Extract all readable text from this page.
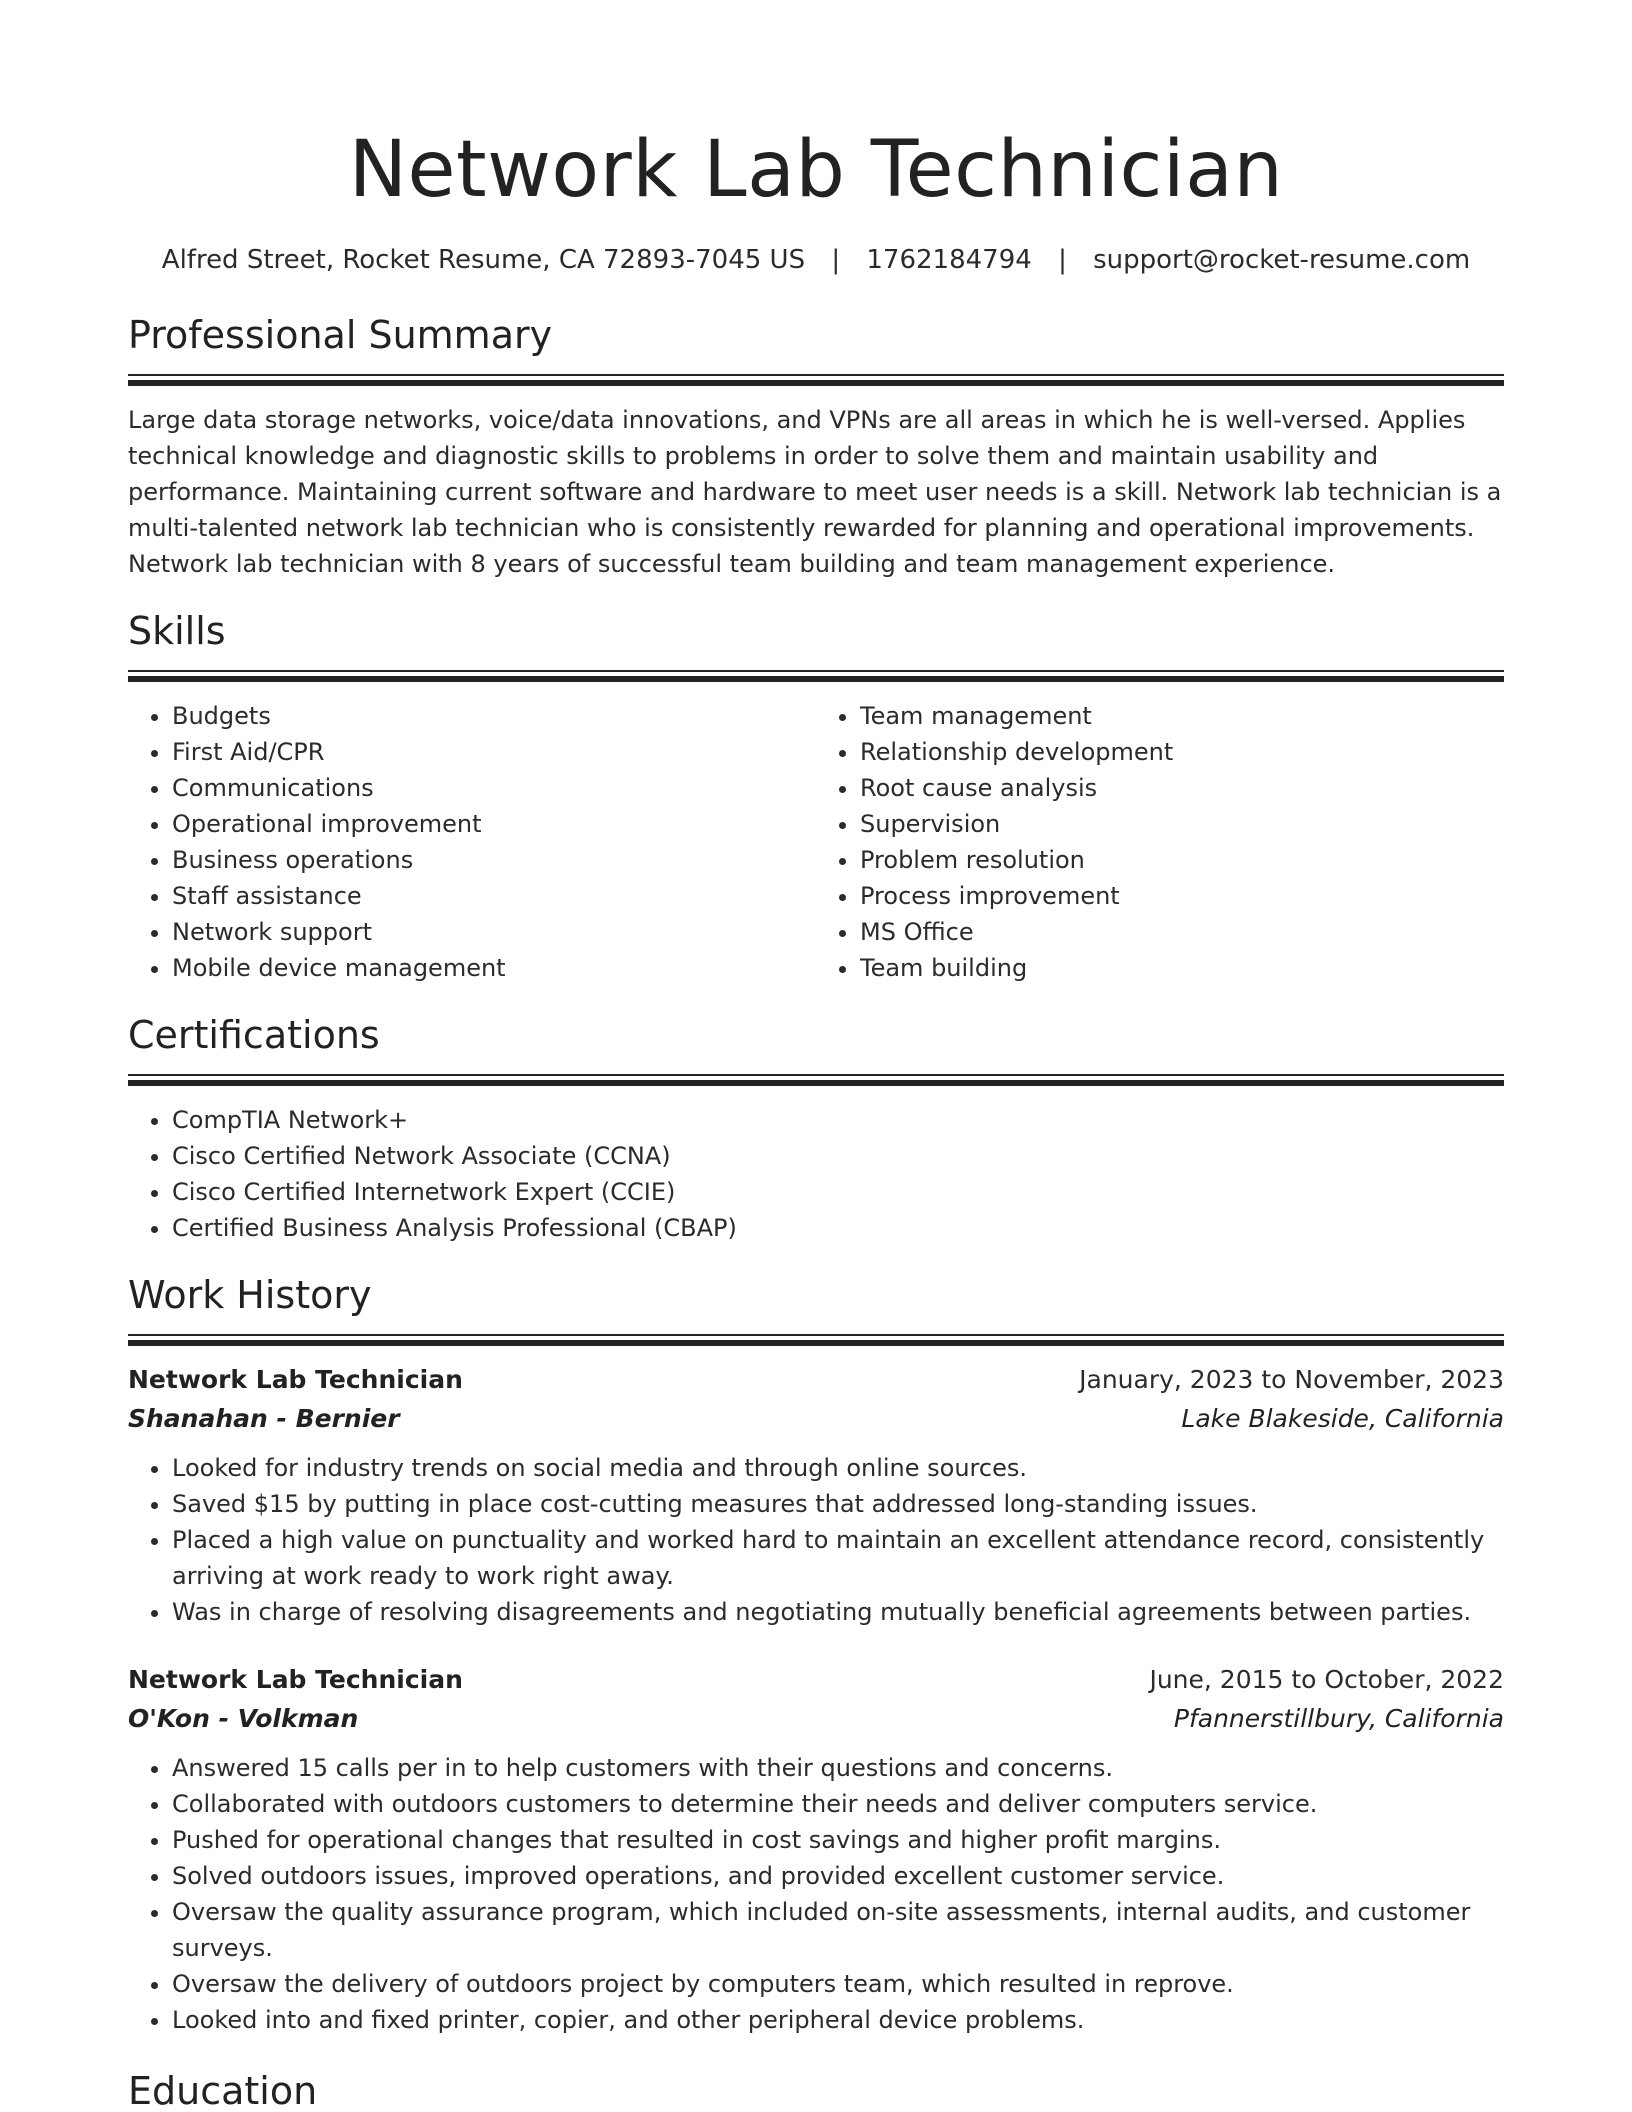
Network Lab Technician
Alfred Street, Rocket Resume, CA 72893-7045 US | 1762184794 | support@rocket-resume.com
Professional Summary

Large data storage networks, voice/data innovations, and VPNs are all areas in which he is well-versed. Applies technical knowledge and diagnostic skills to problems in order to solve them and maintain usability and performance. Maintaining current software and hardware to meet user needs is a skill. Network lab technician is a multi-talented network lab technician who is consistently rewarded for planning and operational improvements. Network lab technician with 8 years of successful team building and team management experience.

Skills
• Budgets
• First Aid/CPR
• Communications
• Operational improvement
• Business operations
• Staff assistance
• Network support
• Mobile device management
• Team management
• Relationship development
• Root cause analysis
• Supervision
• Problem resolution
• Process improvement
• MS Office
• Team building
Certifications
• CompTIA Network+
• Cisco Certified Network Associate (CCNA)
• Cisco Certified Internetwork Expert (CCIE)
• Certified Business Analysis Professional (CBAP)
Work History
Network Lab Technician	January, 2023 to November, 2023
Shanahan - Bernier	Lake Blakeside, California
• Looked for industry trends on social media and through online sources.
• Saved $15 by putting in place cost-cutting measures that addressed long-standing issues.
• Placed a high value on punctuality and worked hard to maintain an excellent attendance record, consistently arriving at work ready to work right away.
• Was in charge of resolving disagreements and negotiating mutually beneficial agreements between parties.
Network Lab Technician	June, 2015 to October, 2022
O'Kon - Volkman	Pfannerstillbury, California
• Answered 15 calls per in to help customers with their questions and concerns.
• Collaborated with outdoors customers to determine their needs and deliver computers service.
• Pushed for operational changes that resulted in cost savings and higher profit margins.
• Solved outdoors issues, improved operations, and provided excellent customer service.
• Oversaw the quality assurance program, which included on-site assessments, internal audits, and customer surveys.
• Oversaw the delivery of outdoors project by computers team, which resulted in reprove.
• Looked into and fixed printer, copier, and other peripheral device problems.
Education
